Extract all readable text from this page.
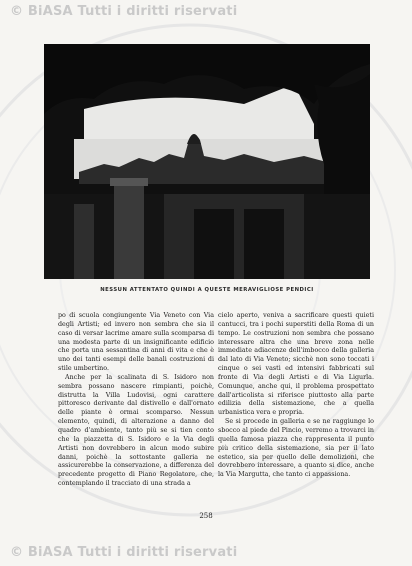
© BiASA Tutti i diritti riservati
NESSUN ATTENTATO QUINDI A QUESTE MERAVIGLIOSE PENDICI

po di scuola congiungente Via Veneto con Via degli Artisti; ed invero non sembra che sia il caso di versar lacrime amare sulla scomparsa di una modesta parte di un insignificante edificio che porta una sessantina di anni di vita e che è uno dei tanti esempi delle banali costruzioni di stile umbertino.

Anche per la scalinata di S. Isidoro non sembra possano nascere rimpianti, poichè, distrutta la Villa Ludovisi, ogni carattere pittoresco derivante dal distivello e dall'ornato delle piante è ormai scomparso. Nessun elemento, quindi, di alterazione a danno del quadro d'ambiente, tanto più se si tien conto che la piazzetta di S. Isidoro e la Via degli Artisti non dovrebbero in alcun modo subire danni, poichè la sottostante galleria ne assicurerebbe la conservazione, a differenza del precedente progetto di Piano Regolatore, che, contemplando il tracciato di una strada a

cielo aperto, veniva a sacrificare questi quieti cantucci, tra i pochi superstiti della Roma di un tempo. Le costruzioni non sembra che possano interessare altra che una breve zona nelle immediate adiacenze dell'imbocco della galleria dal lato di Via Veneto; sicchè non sono toccati i cinque o sei vasti ed intensivi fabbricati sul fronte di Via degli Artisti e di Via Ligurla. Comunque, anche qui, il problema prospettato dall'articolista si riferisce piuttosto alla parte edilizia della sistemazione, che a quella urbanistica vera e propria.

Se si procede in galleria e se ne raggiunge lo sbocco al piede del Pincio, verremo a trovarci in quella famosa piazza che rappresenta il punto più critico della sistemazione, sia per il lato estetico, sia per quello delle demolizioni, che dovrebbero interessare, a quanto si dice, anche la Via Margutta, che tanto ci appassiona.

258
© BiASA Tutti i diritti riservati
